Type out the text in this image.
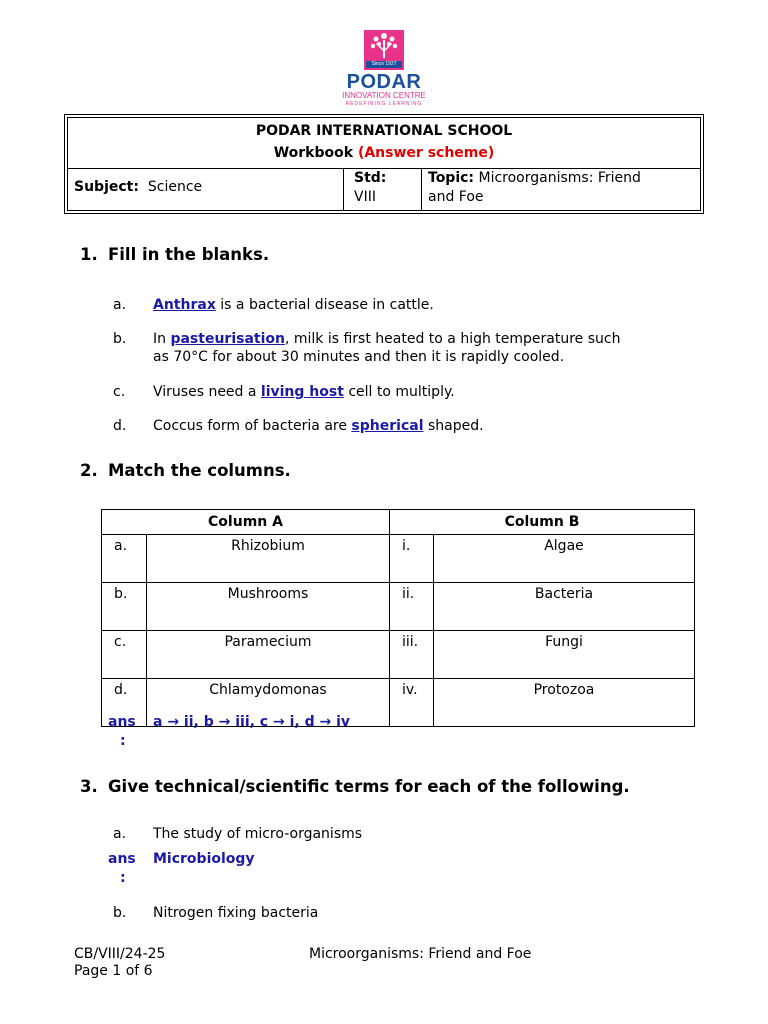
Since 1927
PODAR
INNOVATION CENTRE
REDEFINING LEARNING
PODAR INTERNATIONAL SCHOOL
Workbook (Answer scheme)
Subject: Science
Std:
VIII
Topic: Microorganisms: Friend
and Foe
1. Fill in the blanks.
a. Anthrax is a bacterial disease in cattle.
b. In pasteurisation, milk is first heated to a high temperature such
as 70°C for about 30 minutes and then it is rapidly cooled.
c. Viruses need a living host cell to multiply.
d. Coccus form of bacteria are spherical shaped.
2. Match the columns.
Column A		Column B	
a.	Rhizobium	i.	Algae
b.	Mushrooms	ii.	Bacteria
c.	Paramecium	iii.	Fungi
d.	Chlamydomonas	iv.	Protozoa
ans
:
a → ii, b → iii, c → i, d → iv
3. Give technical/scientific terms for each of the following.
a. The study of micro-organisms
ans
:
Microbiology
b. Nitrogen fixing bacteria
CB/VIII/24-25
Page 1 of 6
Microorganisms: Friend and Foe
